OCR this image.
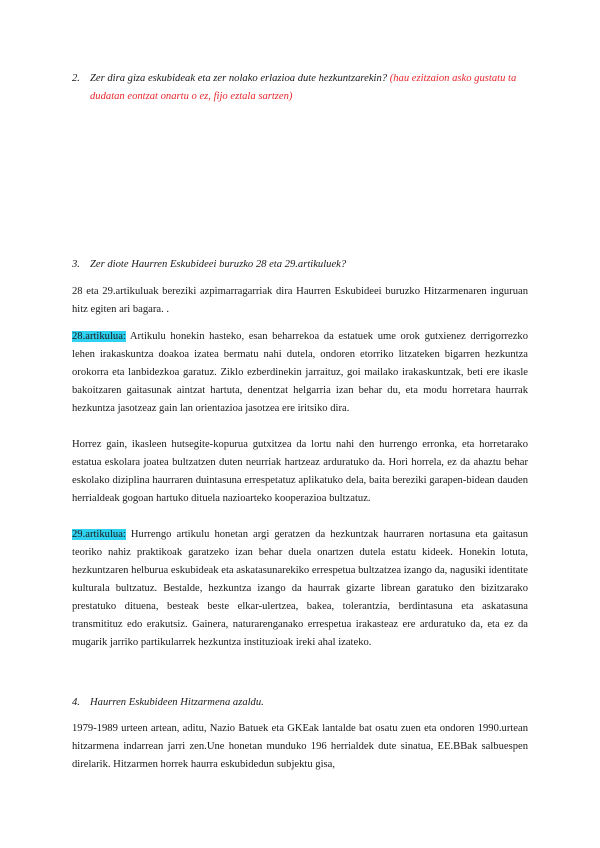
2. Zer dira giza eskubideak eta zer nolako erlazioa dute hezkuntzarekin? (hau ezitzaion asko gustatu ta dudatan eontzat onartu o ez, fijo eztala sartzen)
3. Zer diote Haurren Eskubideei buruzko 28 eta 29.artikuluek?

28 eta 29.artikuluak bereziki azpimarragarriak dira Haurren Eskubideei buruzko Hitzarmenaren inguruan hitz egiten ari bagara. .

28.artikulua: Artikulu honekin hasteko, esan beharrekoa da estatuek ume orok gutxienez derrigorrezko lehen irakaskuntza doakoa izatea bermatu nahi dutela, ondoren etorriko litzateken bigarren hezkuntza orokorra eta lanbidezkoa garatuz. Ziklo ezberdinekin jarraituz, goi mailako irakaskuntzak, beti ere ikasle bakoitzaren gaitasunak aintzat hartuta, denentzat helgarria izan behar du, eta modu horretara haurrak hezkuntza jasotzeaz gain lan orientazioa jasotzea ere iritsiko dira.

Horrez gain, ikasleen hutsegite-kopurua gutxitzea da lortu nahi den hurrengo erronka, eta horretarako estatua eskolara joatea bultzatzen duten neurriak hartzeaz arduratuko da. Hori horrela, ez da ahaztu behar eskolako diziplina haurraren duintasuna errespetatuz aplikatuko dela, baita bereziki garapen-bidean dauden herrialdeak gogoan hartuko dituela nazioarteko kooperazioa bultzatuz.

29.artikulua: Hurrengo artikulu honetan argi geratzen da hezkuntzak haurraren nortasuna eta gaitasun teoriko nahiz praktikoak garatzeko izan behar duela onartzen dutela estatu kideek. Honekin lotuta, hezkuntzaren helburua eskubideak eta askatasunarekiko errespetua bultzatzea izango da, nagusiki identitate kulturala bultzatuz. Bestalde, hezkuntza izango da haurrak gizarte librean garatuko den bizitzarako prestatuko dituena, besteak beste elkar-ulertzea, bakea, tolerantzia, berdintasuna eta askatasuna transmitituz edo erakutsiz. Gainera, naturarenganako errespetua irakasteaz ere arduratuko da, eta ez da mugarik jarriko partikularrek hezkuntza instituzioak ireki ahal izateko.

4. Haurren Eskubideen Hitzarmena azaldu.

1979-1989 urteen artean, aditu, Nazio Batuek eta GKEak lantalde bat osatu zuen eta ondoren 1990.urtean hitzarmena indarrean jarri zen.Une honetan munduko 196 herrialdek dute sinatua, EE.BBak salbuespen direlarik. Hitzarmen horrek haurra eskubidedun subjektu gisa,
